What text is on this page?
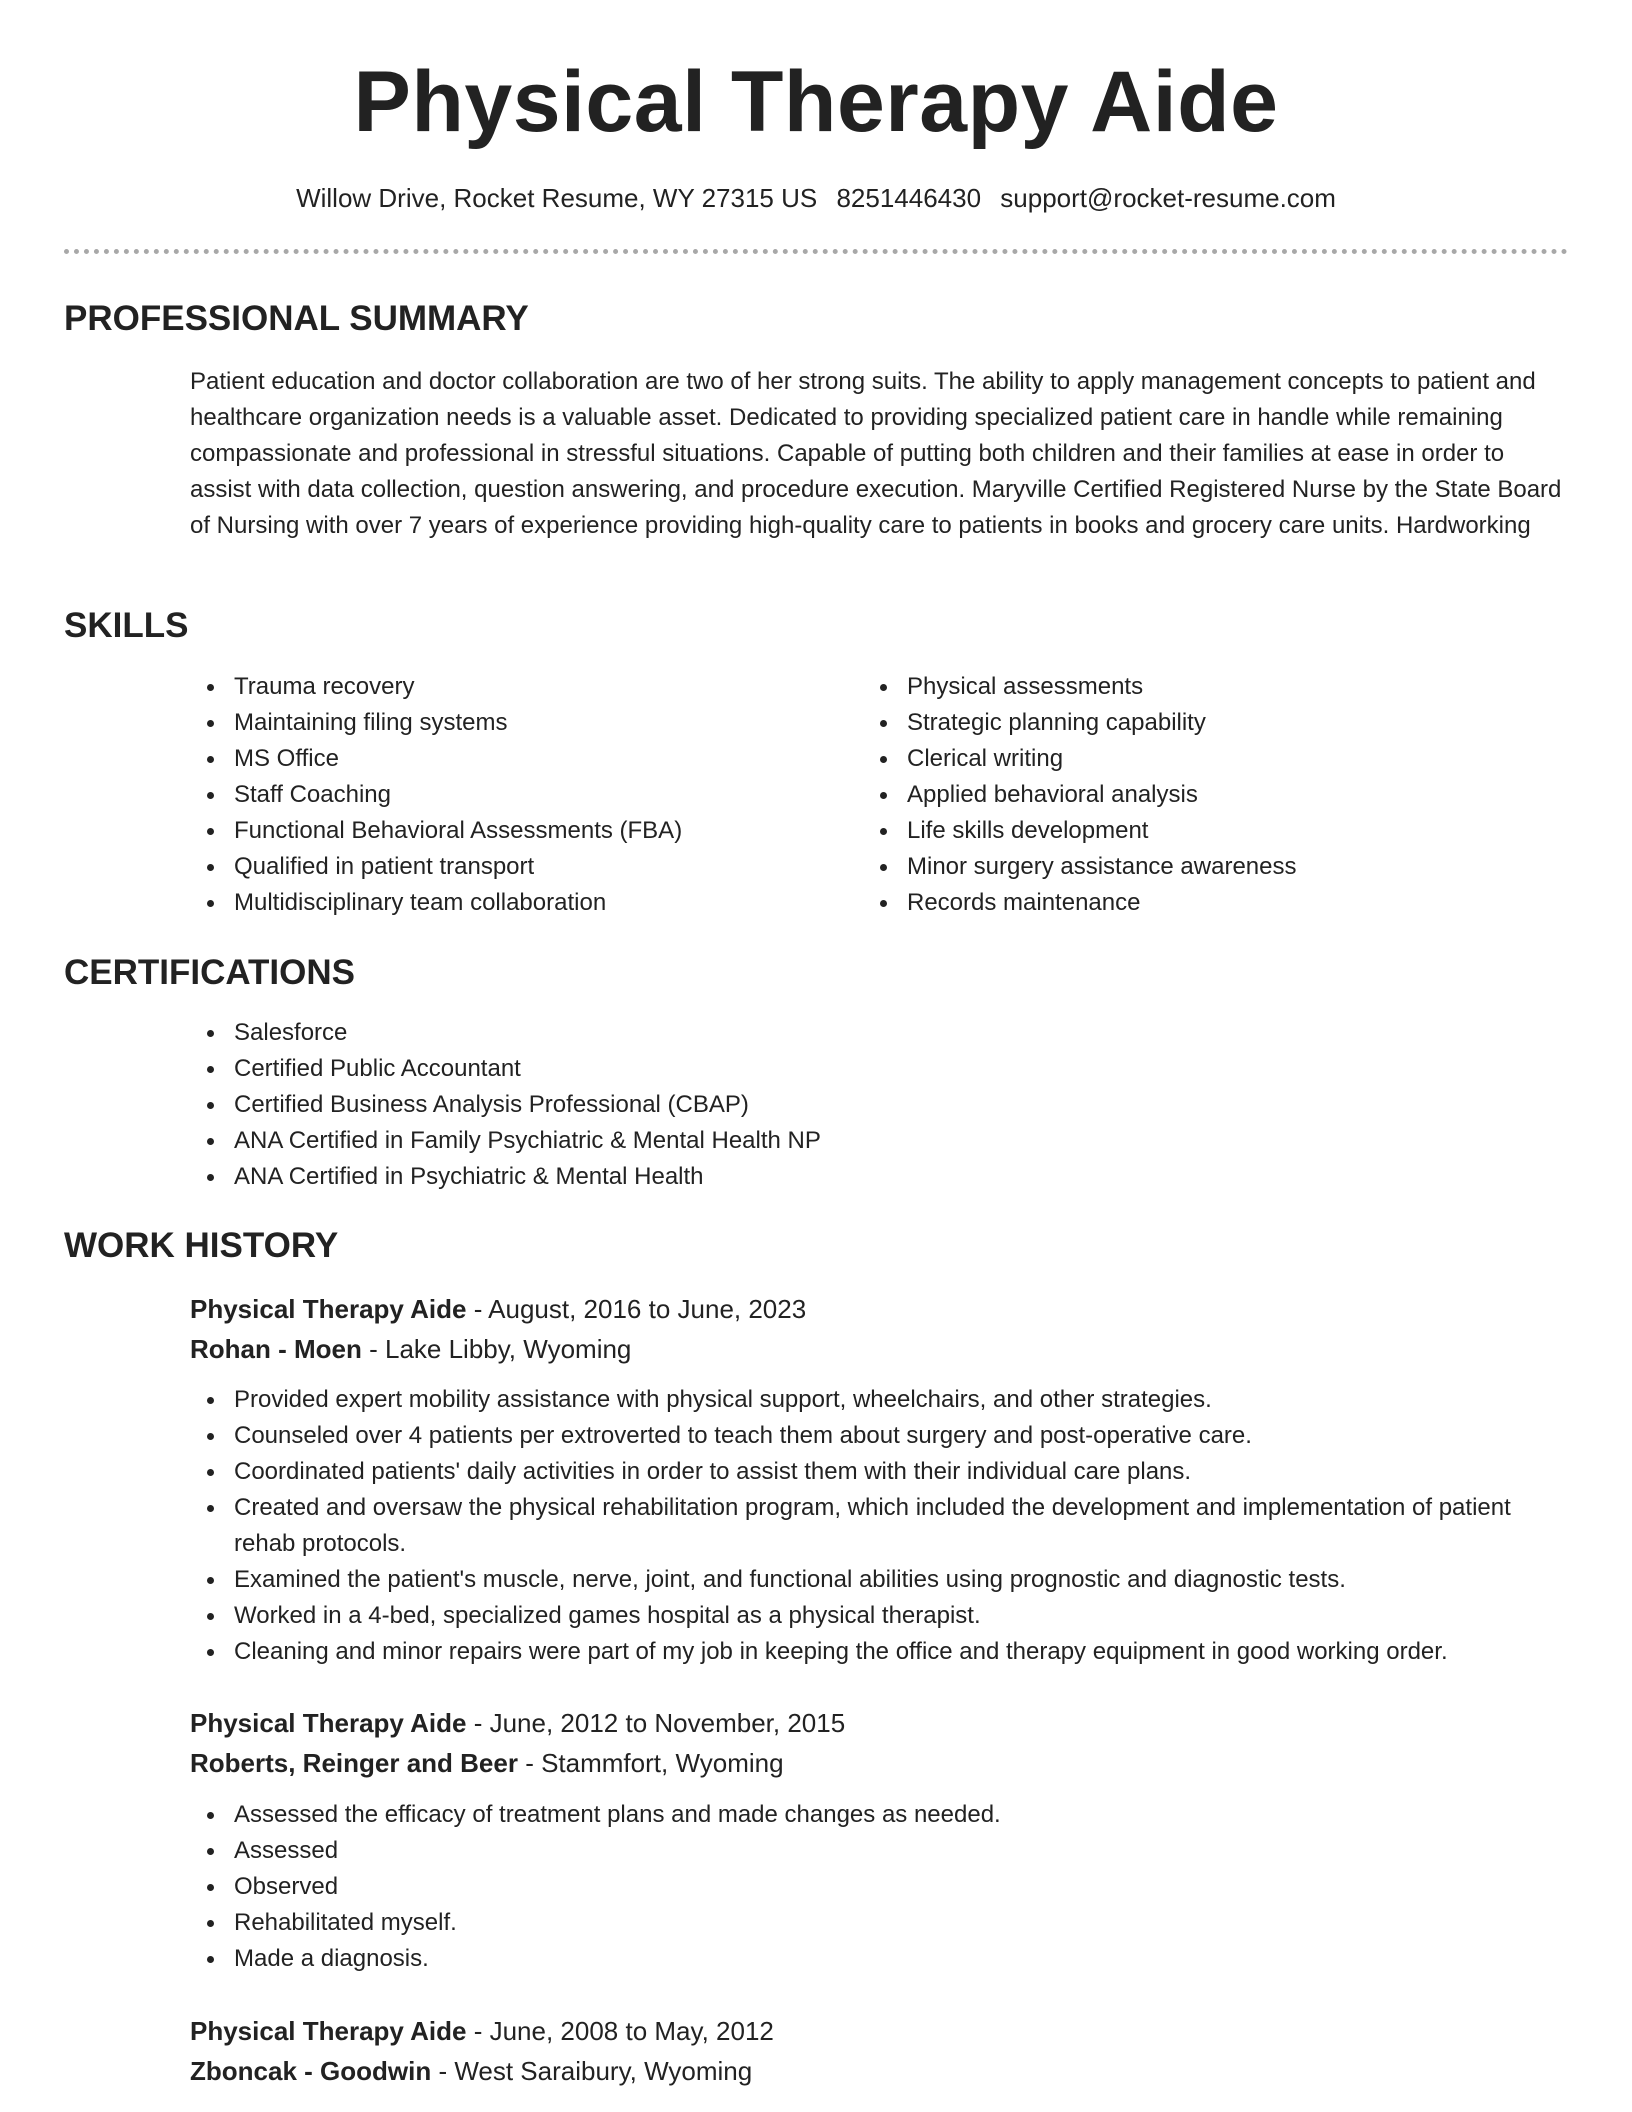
Physical Therapy Aide
Willow Drive, Rocket Resume, WY 27315 US 8251446430 support@rocket-resume.com
PROFESSIONAL SUMMARY

Patient education and doctor collaboration are two of her strong suits. The ability to apply management concepts to patient and healthcare organization needs is a valuable asset. Dedicated to providing specialized patient care in handle while remaining compassionate and professional in stressful situations. Capable of putting both children and their families at ease in order to assist with data collection, question answering, and procedure execution. Maryville Certified Registered Nurse by the State Board of Nursing with over 7 years of experience providing high-quality care to patients in books and grocery care units. Hardworking

SKILLS
Trauma recovery
Maintaining filing systems
MS Office
Staff Coaching
Functional Behavioral Assessments (FBA)
Qualified in patient transport
Multidisciplinary team collaboration
Physical assessments
Strategic planning capability
Clerical writing
Applied behavioral analysis
Life skills development
Minor surgery assistance awareness
Records maintenance
CERTIFICATIONS
Salesforce
Certified Public Accountant
Certified Business Analysis Professional (CBAP)
ANA Certified in Family Psychiatric & Mental Health NP
ANA Certified in Psychiatric & Mental Health
WORK HISTORY
Physical Therapy Aide - August, 2016 to June, 2023
Rohan - Moen - Lake Libby, Wyoming
Provided expert mobility assistance with physical support, wheelchairs, and other strategies.
Counseled over 4 patients per extroverted to teach them about surgery and post-operative care.
Coordinated patients' daily activities in order to assist them with their individual care plans.
Created and oversaw the physical rehabilitation program, which included the development and implementation of patient rehab protocols.
Examined the patient's muscle, nerve, joint, and functional abilities using prognostic and diagnostic tests.
Worked in a 4-bed, specialized games hospital as a physical therapist.
Cleaning and minor repairs were part of my job in keeping the office and therapy equipment in good working order.
Physical Therapy Aide - June, 2012 to November, 2015
Roberts, Reinger and Beer - Stammfort, Wyoming
Assessed the efficacy of treatment plans and made changes as needed.
Assessed
Observed
Rehabilitated myself.
Made a diagnosis.
Physical Therapy Aide - June, 2008 to May, 2012
Zboncak - Goodwin - West Saraibury, Wyoming
